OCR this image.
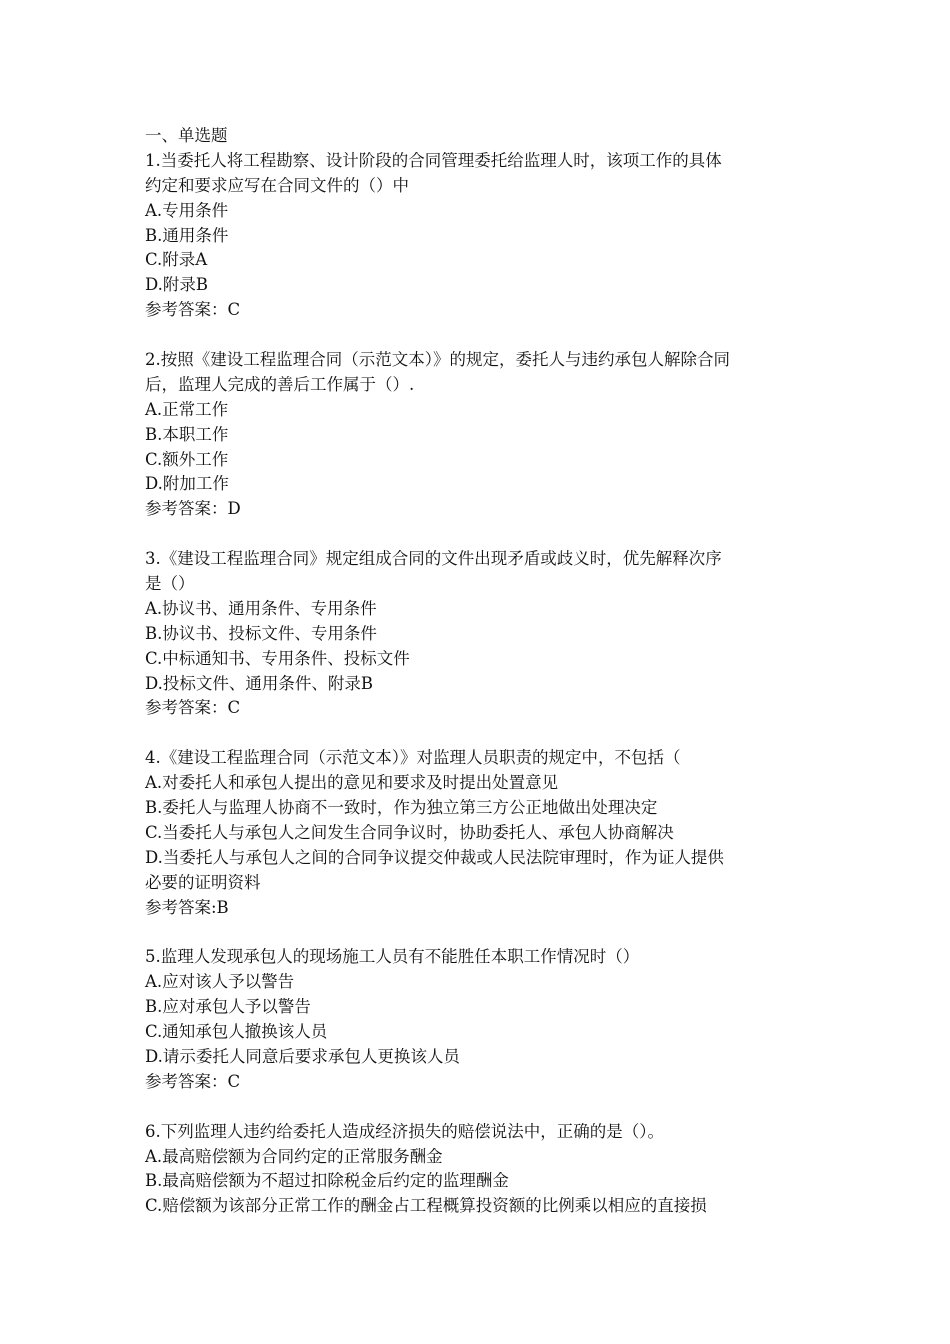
一、单选题
1.当委托人将工程勘察、设计阶段的合同管理委托给监理人时，该项工作的具体
约定和要求应写在合同文件的（）中
A.专用条件
B.通用条件
C.附录A
D.附录B
参考答案：C
2.按照《建设工程监理合同（示范文本）》的规定，委托人与违约承包人解除合同
后，监理人完成的善后工作属于（）.
A.正常工作
B.本职工作
C.额外工作
D.附加工作
参考答案：D
3.《建设工程监理合同》规定组成合同的文件出现矛盾或歧义时，优先解释次序
是（）
A.协议书、通用条件、专用条件
B.协议书、投标文件、专用条件
C.中标通知书、专用条件、投标文件
D.投标文件、通用条件、附录B
参考答案：C
4.《建设工程监理合同（示范文本）》对监理人员职责的规定中，不包括（
A.对委托人和承包人提出的意见和要求及时提出处置意见
B.委托人与监理人协商不一致时，作为独立第三方公正地做出处理决定
C.当委托人与承包人之间发生合同争议时，协助委托人、承包人协商解决
D.当委托人与承包人之间的合同争议提交仲裁或人民法院审理时，作为证人提供
必要的证明资料
参考答案:B
5.监理人发现承包人的现场施工人员有不能胜任本职工作情况时（）
A.应对该人予以警告
B.应对承包人予以警告
C.通知承包人撤换该人员
D.请示委托人同意后要求承包人更换该人员
参考答案：C
6.下列监理人违约给委托人造成经济损失的赔偿说法中，正确的是（）。
A.最高赔偿额为合同约定的正常服务酬金
B.最高赔偿额为不超过扣除税金后约定的监理酬金
C.赔偿额为该部分正常工作的酬金占工程概算投资额的比例乘以相应的直接损
